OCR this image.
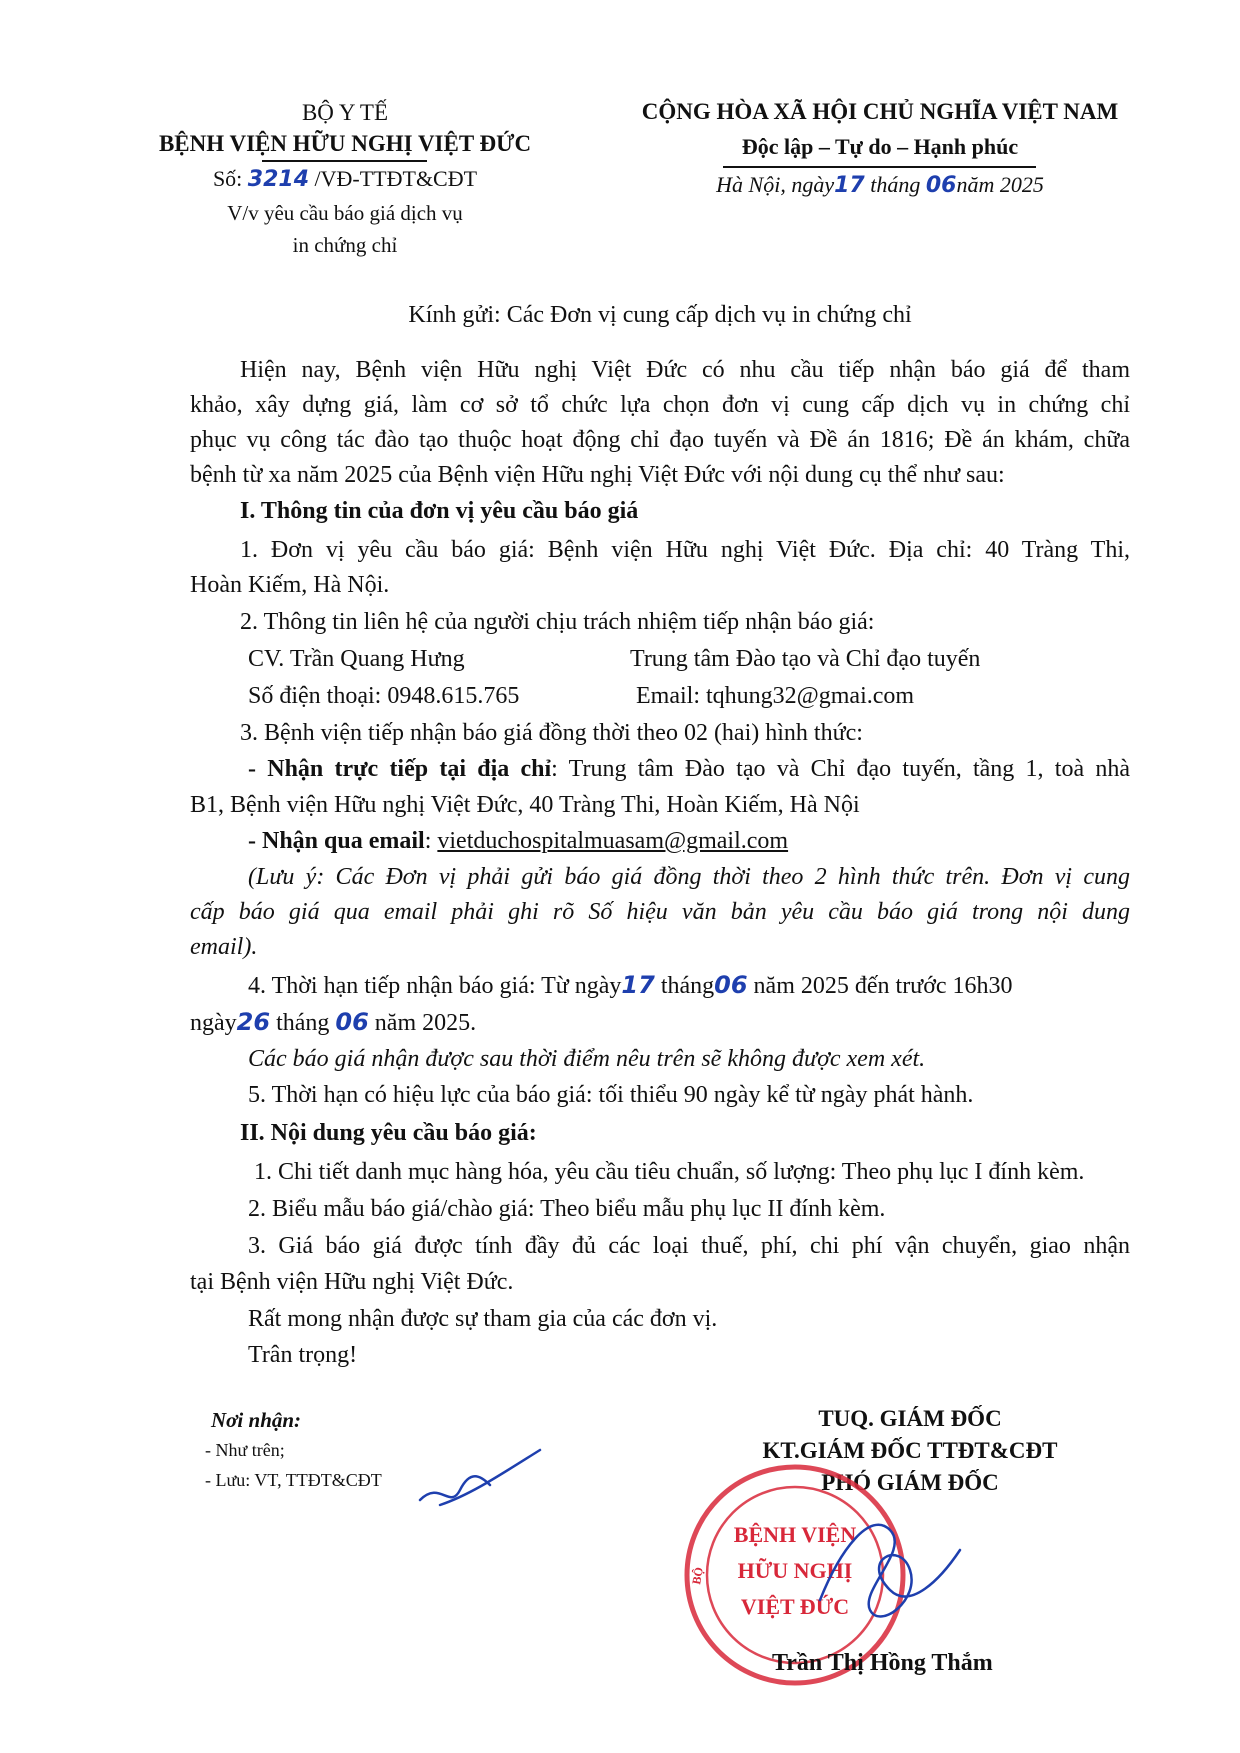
BỘ Y TẾ
BỆNH VIỆN HỮU NGHỊ VIỆT ĐỨC
Số: 3214 /VĐ-TTĐT&CĐT
V/v yêu cầu báo giá dịch vụ
in chứng chỉ
CỘNG HÒA XÃ HỘI CHỦ NGHĨA VIỆT NAM
Độc lập – Tự do – Hạnh phúc
Hà Nội, ngày17 tháng 06năm 2025
Kính gửi: Các Đơn vị cung cấp dịch vụ in chứng chỉ
Hiện nay, Bệnh viện Hữu nghị Việt Đức có nhu cầu tiếp nhận báo giá để tham
khảo, xây dựng giá, làm cơ sở tổ chức lựa chọn đơn vị cung cấp dịch vụ in chứng chỉ
phục vụ công tác đào tạo thuộc hoạt động chỉ đạo tuyến và Đề án 1816; Đề án khám, chữa
bệnh từ xa năm 2025 của Bệnh viện Hữu nghị Việt Đức với nội dung cụ thể như sau:
I. Thông tin của đơn vị yêu cầu báo giá
1. Đơn vị yêu cầu báo giá: Bệnh viện Hữu nghị Việt Đức. Địa chỉ: 40 Tràng Thi,
Hoàn Kiếm, Hà Nội.
2. Thông tin liên hệ của người chịu trách nhiệm tiếp nhận báo giá:
CV. Trần Quang Hưng	Trung tâm Đào tạo và Chỉ đạo tuyến
Số điện thoại: 0948.615.765	Email: tqhung32@gmai.com
3. Bệnh viện tiếp nhận báo giá đồng thời theo 02 (hai) hình thức:
- Nhận trực tiếp tại địa chỉ: Trung tâm Đào tạo và Chỉ đạo tuyến, tầng 1, toà nhà
B1, Bệnh viện Hữu nghị Việt Đức, 40 Tràng Thi, Hoàn Kiếm, Hà Nội
- Nhận qua email: vietduchospitalmuasam@gmail.com
(Lưu ý: Các Đơn vị phải gửi báo giá đồng thời theo 2 hình thức trên. Đơn vị cung
cấp báo giá qua email phải ghi rõ Số hiệu văn bản yêu cầu báo giá trong nội dung
email).
4. Thời hạn tiếp nhận báo giá: Từ ngày17 tháng06 năm 2025 đến trước 16h30
ngày26 tháng 06 năm 2025.
Các báo giá nhận được sau thời điểm nêu trên sẽ không được xem xét.
5. Thời hạn có hiệu lực của báo giá: tối thiểu 90 ngày kể từ ngày phát hành.
II. Nội dung yêu cầu báo giá:
1. Chi tiết danh mục hàng hóa, yêu cầu tiêu chuẩn, số lượng: Theo phụ lục I đính kèm.
2. Biểu mẫu báo giá/chào giá: Theo biểu mẫu phụ lục II đính kèm.
3. Giá báo giá được tính đầy đủ các loại thuế, phí, chi phí vận chuyển, giao nhận
tại Bệnh viện Hữu nghị Việt Đức.
Rất mong nhận được sự tham gia của các đơn vị.
Trân trọng!
Nơi nhận:
- Như trên;
- Lưu: VT, TTĐT&CĐT
TUQ. GIÁM ĐỐC
KT.GIÁM ĐỐC TTĐT&CĐT
PHÓ GIÁM ĐỐC
BỆNH VIỆN
HỮU NGHỊ
VIỆT ĐỨC
BỘ
Trần Thị Hồng Thắm
